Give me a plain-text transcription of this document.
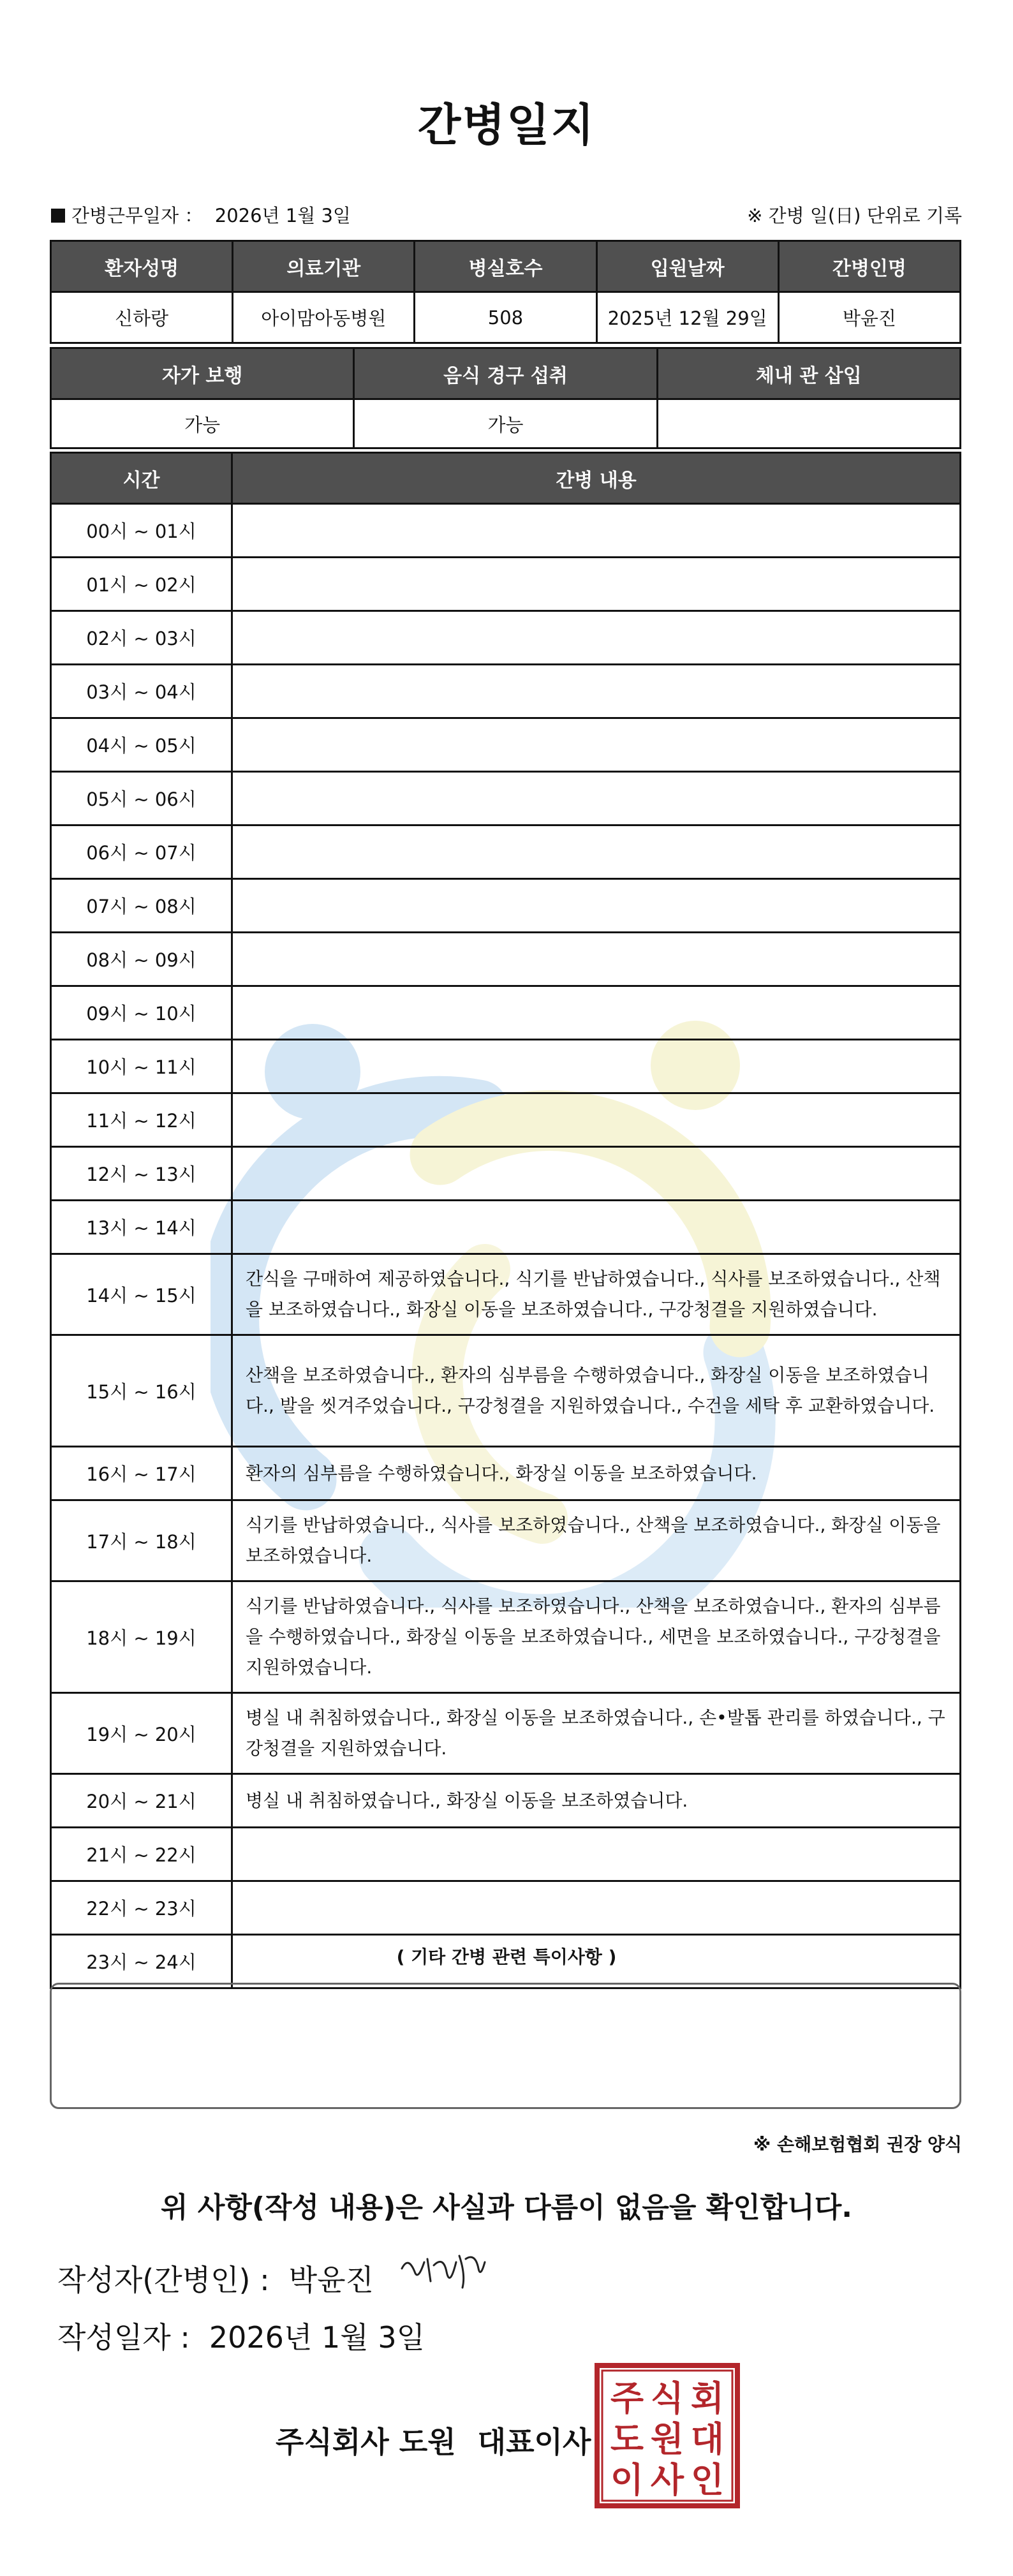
간병일지
간병근무일자 ： 2026년 1월 3일	※ 간병 일(日) 단위로 기록
환자성명	의료기관	병실호수	입원날짜	간병인명
신하랑	아이맘아동병원	508	2025년 12월 29일	박윤진
자가 보행	음식 경구 섭취	체내 관 삽입
가능	가능	
시간	간병 내용
00시 ~ 01시	
01시 ~ 02시	
02시 ~ 03시	
03시 ~ 04시	
04시 ~ 05시	
05시 ~ 06시	
06시 ~ 07시	
07시 ~ 08시	
08시 ~ 09시	
09시 ~ 10시	
10시 ~ 11시	
11시 ~ 12시	
12시 ~ 13시	
13시 ~ 14시	
14시 ~ 15시	간식을 구매하여 제공하였습니다., 식기를 반납하였습니다., 식사를 보조하였습니다., 산책을 보조하였습니다., 화장실 이동을 보조하였습니다., 구강청결을 지원하였습니다.
15시 ~ 16시	산책을 보조하였습니다., 환자의 심부름을 수행하였습니다., 화장실 이동을 보조하였습니다., 발을 씻겨주었습니다., 구강청결을 지원하였습니다., 수건을 세탁 후 교환하였습니다.
16시 ~ 17시	환자의 심부름을 수행하였습니다., 화장실 이동을 보조하였습니다.
17시 ~ 18시	식기를 반납하였습니다., 식사를 보조하였습니다., 산책을 보조하였습니다., 화장실 이동을 보조하였습니다.
18시 ~ 19시	식기를 반납하였습니다., 식사를 보조하였습니다., 산책을 보조하였습니다., 환자의 심부름을 수행하였습니다., 화장실 이동을 보조하였습니다., 세면을 보조하였습니다., 구강청결을 지원하였습니다.
19시 ~ 20시	병실 내 취침하였습니다., 화장실 이동을 보조하였습니다., 손•발톱 관리를 하였습니다., 구강청결을 지원하였습니다.
20시 ~ 21시	병실 내 취침하였습니다., 화장실 이동을 보조하였습니다.
21시 ~ 22시	
22시 ~ 23시	
23시 ~ 24시		( 기타 간병 관련 특이사항 )
※ 손해보험협회 권장 양식
위 사항(작성 내용)은 사실과 다름이 없음을 확인합니다.
작성자(간병인) : 박윤진
작성일자 : 2026년 1월 3일
주식회사 도원 대표이사
주 식 회
도 원 대
이 사 인
